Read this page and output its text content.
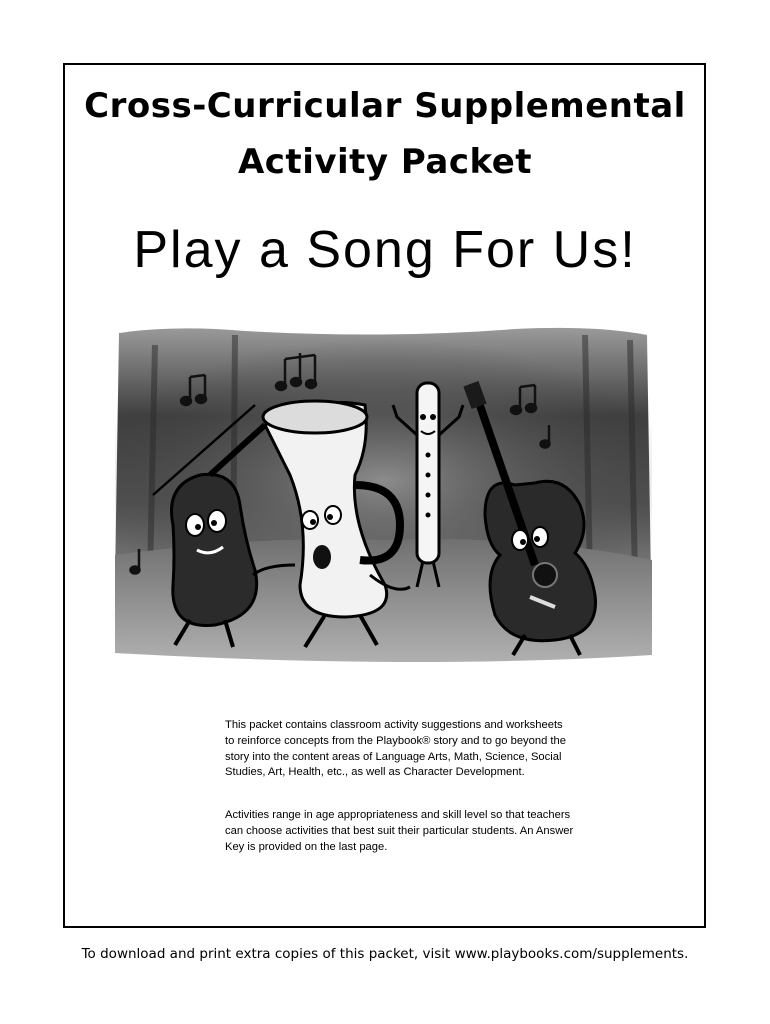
Cross-Curricular Supplemental
Activity Packet
Play a Song For Us!

This packet contains classroom activity suggestions and worksheets to reinforce concepts from the Playbook® story and to go beyond the story into the content areas of Language Arts, Math, Science, Social Studies, Art, Health, etc., as well as Character Development.

Activities range in age appropriateness and skill level so that teachers can choose activities that best suit their particular students. An Answer Key is provided on the last page.

To download and print extra copies of this packet, visit www.playbooks.com/supplements.
